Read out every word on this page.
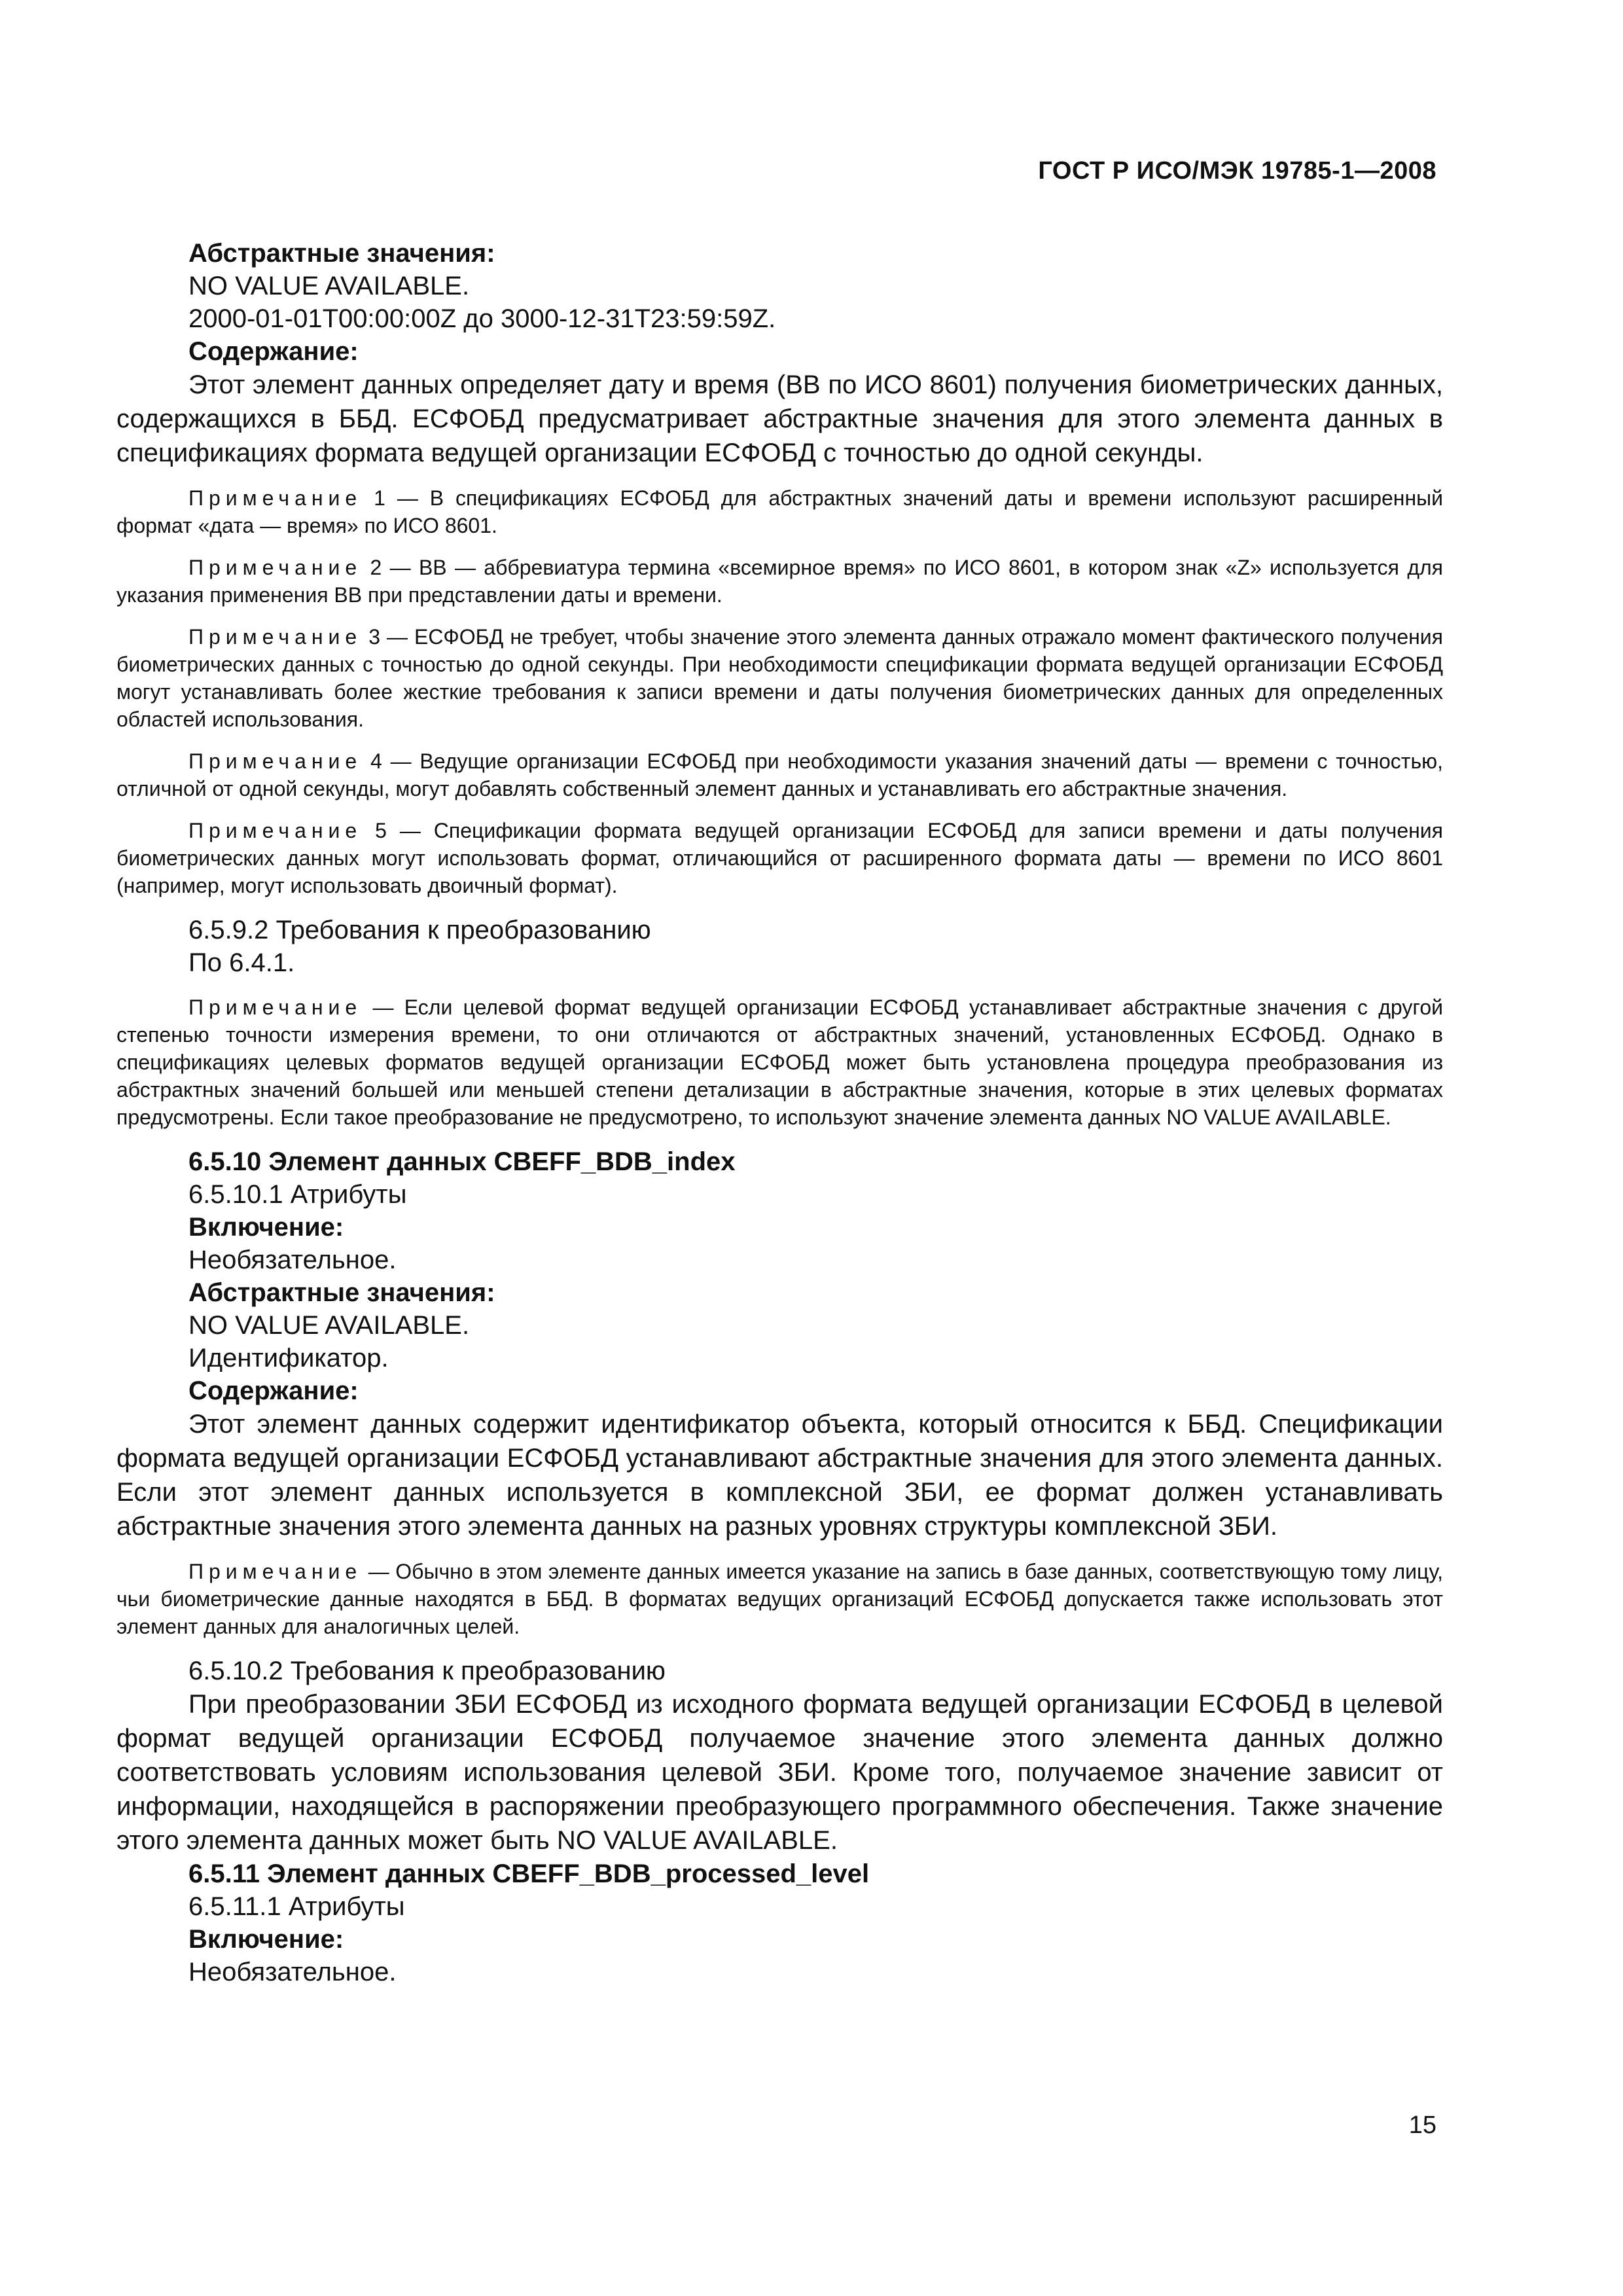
ГОСТ Р ИСО/МЭК 19785-1—2008

Абстрактные значения:

NO VALUE AVAILABLE.

2000-01-01T00:00:00Z до 3000-12-31T23:59:59Z.

Содержание:

Этот элемент данных определяет дату и время (ВВ по ИСО 8601) получения биометрических данных, содержащихся в ББД. ЕСФОБД предусматривает абстрактные значения для этого элемента данных в спецификациях формата ведущей организации ЕСФОБД с точностью до одной секунды.

Примечание 1 — В спецификациях ЕСФОБД для абстрактных значений даты и времени используют расширенный формат «дата — время» по ИСО 8601.

Примечание 2 — ВВ — аббревиатура термина «всемирное время» по ИСО 8601, в котором знак «Z» используется для указания применения ВВ при представлении даты и времени.

Примечание 3 — ЕСФОБД не требует, чтобы значение этого элемента данных отражало момент фактического получения биометрических данных с точностью до одной секунды. При необходимости спецификации формата ведущей организации ЕСФОБД могут устанавливать более жесткие требования к записи времени и даты получения биометрических данных для определенных областей использования.

Примечание 4 — Ведущие организации ЕСФОБД при необходимости указания значений даты — времени с точностью, отличной от одной секунды, могут добавлять собственный элемент данных и устанавливать его абстрактные значения.

Примечание 5 — Спецификации формата ведущей организации ЕСФОБД для записи времени и даты получения биометрических данных могут использовать формат, отличающийся от расширенного формата даты — времени по ИСО 8601 (например, могут использовать двоичный формат).

6.5.9.2 Требования к преобразованию

По 6.4.1.

Примечание — Если целевой формат ведущей организации ЕСФОБД устанавливает абстрактные значения с другой степенью точности измерения времени, то они отличаются от абстрактных значений, установленных ЕСФОБД. Однако в спецификациях целевых форматов ведущей организации ЕСФОБД может быть установлена процедура преобразования из абстрактных значений большей или меньшей степени детализации в абстрактные значения, которые в этих целевых форматах предусмотрены. Если такое преобразование не предусмотрено, то используют значение элемента данных NO VALUE AVAILABLE.

6.5.10 Элемент данных CBEFF_BDB_index

6.5.10.1 Атрибуты

Включение:

Необязательное.

Абстрактные значения:

NO VALUE AVAILABLE.

Идентификатор.

Содержание:

Этот элемент данных содержит идентификатор объекта, который относится к ББД. Спецификации формата ведущей организации ЕСФОБД устанавливают абстрактные значения для этого элемента данных. Если этот элемент данных используется в комплексной ЗБИ, ее формат должен устанавливать абстрактные значения этого элемента данных на разных уровнях структуры комплексной ЗБИ.

Примечание — Обычно в этом элементе данных имеется указание на запись в базе данных, соответствующую тому лицу, чьи биометрические данные находятся в ББД. В форматах ведущих организаций ЕСФОБД допускается также использовать этот элемент данных для аналогичных целей.

6.5.10.2 Требования к преобразованию

При преобразовании ЗБИ ЕСФОБД из исходного формата ведущей организации ЕСФОБД в целевой формат ведущей организации ЕСФОБД получаемое значение этого элемента данных должно соответствовать условиям использования целевой ЗБИ. Кроме того, получаемое значение зависит от информации, находящейся в распоряжении преобразующего программного обеспечения. Также значение этого элемента данных может быть NO VALUE AVAILABLE.

6.5.11 Элемент данных CBEFF_BDB_processed_level

6.5.11.1 Атрибуты

Включение:

Необязательное.

15
